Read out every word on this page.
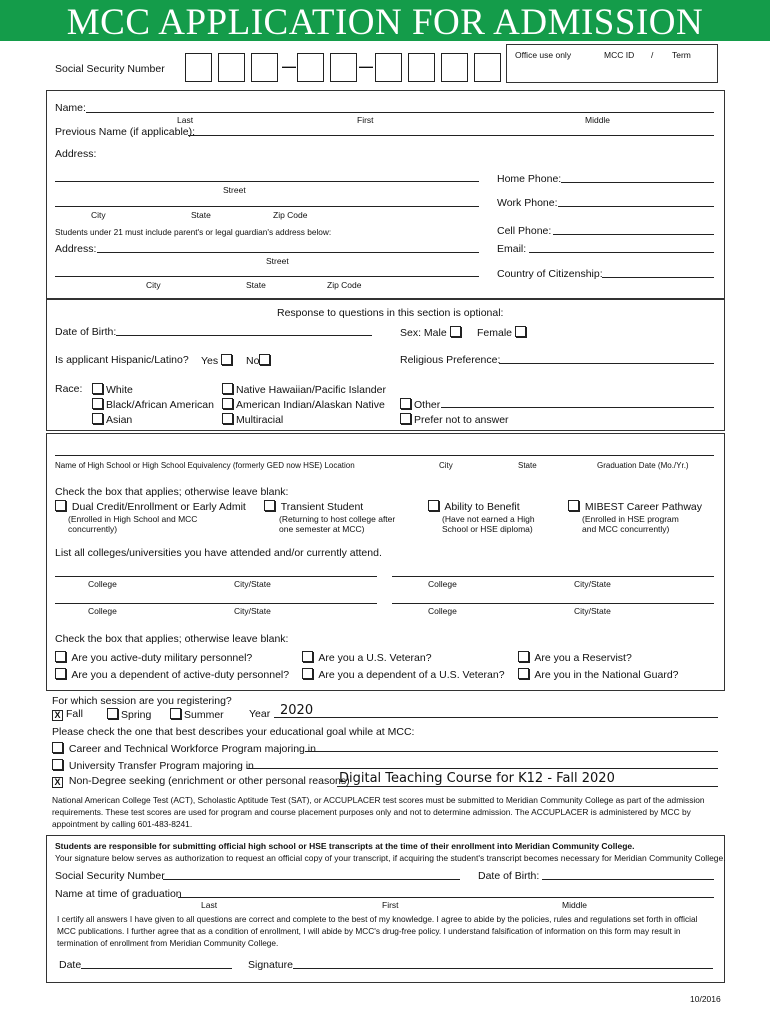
MCC APPLICATION FOR ADMISSION
Office use only	MCC ID / Term
Social Security Number	—	—
Name:
Last	First	Middle
Previous Name (if applicable):
Address:
Street
City	State	Zip Code
Home Phone:
Work Phone:
Cell Phone:
Email:
Country of Citizenship:
Students under 21 must include parent's or legal guardian's address below:
Address:
Street
City	State	Zip Code
Response to questions in this section is optional:
Date of Birth:	Sex: Male	Female
Is applicant Hispanic/Latino? Yes	No	Religious Preference:
Race:	White
Black/African American
Asian
Native Hawaiian/Pacific Islander
American Indian/Alaskan Native
Multiracial
Other
Prefer not to answer
Name of High School or High School Equivalency (formerly GED now HSE) Location	City	State	Graduation Date (Mo./Yr.)
Check the box that applies; otherwise leave blank:
Dual Credit/Enrollment or Early Admit
(Enrolled in High School and MCC
concurrently)
Transient Student
(Returning to host college after
one semester at MCC)
Ability to Benefit
(Have not earned a High
School or HSE diploma)
MIBEST Career Pathway
(Enrolled in HSE program
and MCC concurrently)
List all colleges/universities you have attended and/or currently attend.
College	City/State	College	City/State
College	City/State	College	City/State
Check the box that applies; otherwise leave blank:
Are you active-duty military personnel?
Are you a dependent of active-duty personnel?
Are you a U.S. Veteran?
Are you a dependent of a U.S. Veteran?
Are you a Reservist?
Are you in the National Guard?
For which session are you registering?
X Fall	Spring	Summer Year 2020
Please check the one that best describes your educational goal while at MCC:
Career and Technical Workforce Program majoring in
University Transfer Program majoring in
X Non-Degree seeking (enrichment or other personal reasons)
Digital Teaching Course for K12 - Fall 2020
National American College Test (ACT), Scholastic Aptitude Test (SAT), or ACCUPLACER test scores must be submitted to Meridian Community College as part of the admission requirements. These test scores are used for program and course placement purposes only and not to determine admission. The ACCUPLACER is administered by MCC by appointment by calling 601-483-8241.
Students are responsible for submitting official high school or HSE transcripts at the time of their enrollment into Meridian Community College.
Your signature below serves as authorization to request an official copy of your transcript, if acquiring the student's transcript becomes necessary for Meridian Community College.
Social Security Number	Date of Birth:
Name at time of graduation
Last	First	Middle
I certify all answers I have given to all questions are correct and complete to the best of my knowledge. I agree to abide by the policies, rules and regulations set forth in official MCC publications. I further agree that as a condition of enrollment, I will abide by MCC's drug-free policy. I understand falsification of information on this form may result in termination of enrollment from Meridian Community College.
Date	Signature
10/2016
